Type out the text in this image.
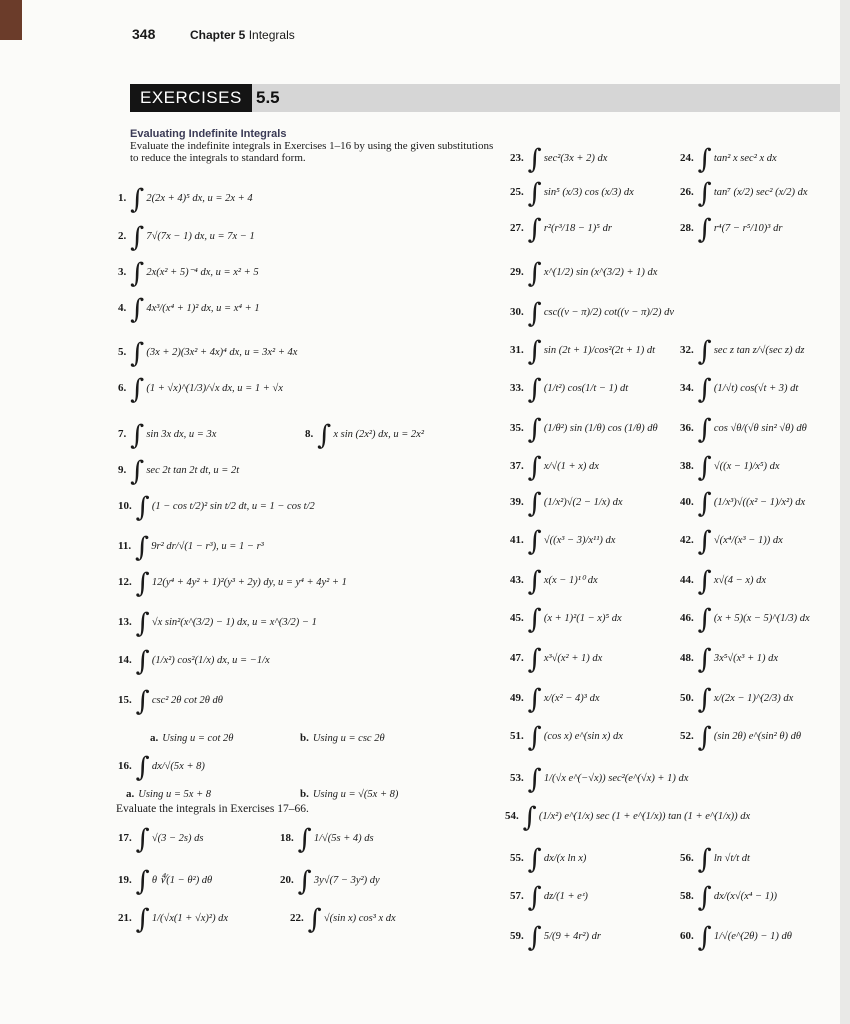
348	Chapter 5 Integrals
EXERCISES 5.5
Evaluating Indefinite Integrals
Evaluate the indefinite integrals in Exercises 1–16 by using the given substitutions to reduce the integrals to standard form.
Evaluate the integrals in Exercises 17–66.
1. ∫ 2(2x + 4)⁵ dx, u = 2x + 4
2. ∫ 7√(7x − 1) dx, u = 7x − 1
3. ∫ 2x(x² + 5)⁻⁴ dx, u = x² + 5
4. ∫ 4x³/(x⁴ + 1)² dx, u = x⁴ + 1
5. ∫ (3x + 2)(3x² + 4x)⁴ dx, u = 3x² + 4x
6. ∫ (1 + √x)^(1/3)/√x dx, u = 1 + √x
7. ∫ sin 3x dx, u = 3x	8. ∫ x sin (2x²) dx, u = 2x²
9. ∫ sec 2t tan 2t dt, u = 2t
10. ∫ (1 − cos t/2)² sin t/2 dt, u = 1 − cos t/2
11. ∫ 9r² dr/√(1 − r³), u = 1 − r³
12. ∫ 12(y⁴ + 4y² + 1)²(y³ + 2y) dy, u = y⁴ + 4y² + 1
13. ∫ √x sin²(x^(3/2) − 1) dx, u = x^(3/2) − 1
14. ∫ (1/x²) cos²(1/x) dx, u = −1/x
15. ∫ csc² 2θ cot 2θ dθ
a. Using u = cot 2θ	b. Using u = csc 2θ
16. ∫ dx/√(5x + 8)
a. Using u = 5x + 8	b. Using u = √(5x + 8)
17. ∫ √(3 − 2s) ds	18. ∫ 1/√(5s + 4) ds
19. ∫ θ ∜(1 − θ²) dθ	20. ∫ 3y√(7 − 3y²) dy
21. ∫ 1/(√x(1 + √x)²) dx	22. ∫ √(sin x) cos³ x dx
23. ∫ sec²(3x + 2) dx	24. ∫ tan² x sec² x dx
25. ∫ sin⁵ (x/3) cos (x/3) dx	26. ∫ tan⁷ (x/2) sec² (x/2) dx
27. ∫ r²(r³/18 − 1)⁵ dr	28. ∫ r⁴(7 − r⁵/10)³ dr
29. ∫ x^(1/2) sin (x^(3/2) + 1) dx
30. ∫ csc((v − π)/2) cot((v − π)/2) dv
31. ∫ sin (2t + 1)/cos²(2t + 1) dt 32. ∫ sec z tan z/√(sec z) dz
33. ∫ (1/t²) cos(1/t − 1) dt	34. ∫ (1/√t) cos(√t + 3) dt
35. ∫ (1/θ²) sin (1/θ) cos (1/θ) dθ 36. ∫ cos √θ/(√θ sin² √θ) dθ
37. ∫ x/√(1 + x) dx	38. ∫ √((x − 1)/x⁵) dx
39. ∫ (1/x²)√(2 − 1/x) dx	40. ∫ (1/x³)√((x² − 1)/x²) dx
41. ∫ √((x³ − 3)/x¹¹) dx	42. ∫ √(x⁴/(x³ − 1)) dx
43. ∫ x(x − 1)¹⁰ dx	44. ∫ x√(4 − x) dx
45. ∫ (x + 1)²(1 − x)⁵ dx	46. ∫ (x + 5)(x − 5)^(1/3) dx
47. ∫ x³√(x² + 1) dx	48. ∫ 3x⁵√(x³ + 1) dx
49. ∫ x/(x² − 4)³ dx	50. ∫ x/(2x − 1)^(2/3) dx
51. ∫ (cos x) e^(sin x) dx	52. ∫ (sin 2θ) e^(sin² θ) dθ
53. ∫ 1/(√x e^(−√x)) sec²(e^(√x) + 1) dx
54. ∫ (1/x²) e^(1/x) sec (1 + e^(1/x)) tan (1 + e^(1/x)) dx
55. ∫ dx/(x ln x)	56. ∫ ln √t/t dt
57. ∫ dz/(1 + eᶻ)	58. ∫ dx/(x√(x⁴ − 1))
59. ∫ 5/(9 + 4r²) dr	60. ∫ 1/√(e^(2θ) − 1) dθ
